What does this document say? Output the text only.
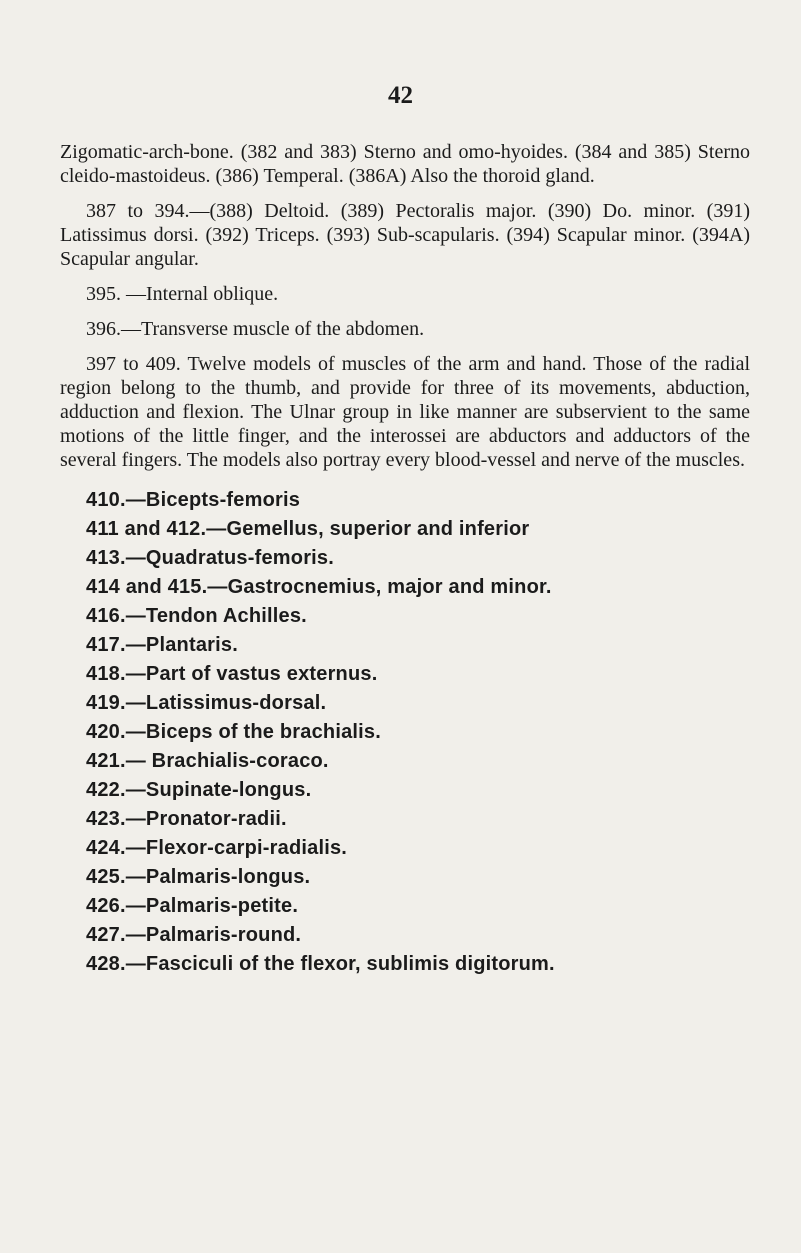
42

Zigomatic-arch-bone. (382 and 383) Sterno and omo-hyoides. (384 and 385) Sterno cleido-mastoideus. (386) Temperal. (386A) Also the thoroid gland.

387 to 394.—(388) Deltoid. (389) Pectoralis major. (390) Do. minor. (391) Latissimus dorsi. (392) Triceps. (393) Sub-scapularis. (394) Scapular minor. (394A) Scapular angular.

395. —Internal oblique.

396.—Transverse muscle of the abdomen.

397 to 409. Twelve models of muscles of the arm and hand. Those of the radial region belong to the thumb, and provide for three of its movements, abduction, adduction and flexion. The Ulnar group in like manner are subservient to the same motions of the little finger, and the interossei are abductors and adductors of the several fingers. The models also portray every blood-vessel and nerve of the muscles.

410.—Bicepts-femoris
411 and 412.—Gemellus, superior and inferior
413.—Quadratus-femoris.
414 and 415.—Gastrocnemius, major and minor.
416.—Tendon Achilles.
417.—Plantaris.
418.—Part of vastus externus.
419.—Latissimus-dorsal.
420.—Biceps of the brachialis.
421.— Brachialis-coraco.
422.—Supinate-longus.
423.—Pronator-radii.
424.—Flexor-carpi-radialis.
425.—Palmaris-longus.
426.—Palmaris-petite.
427.—Palmaris-round.
428.—Fasciculi of the flexor, sublimis digitorum.
